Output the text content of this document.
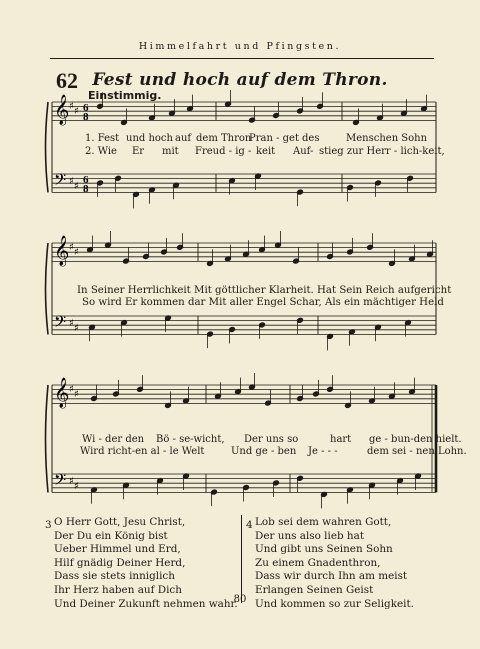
Himmelfahrt und Pfingsten.
62 Fest und hoch auf dem Thron.
Einstimmig.
𝄞 ♯ ♯
𝄢 ♯ ♯
𝄞 ♯ ♯
𝄢 ♯ ♯
𝄞 ♯ ♯
𝄢 ♯ ♯
6
8
6
8
1. Fest und hoch auf dem Thron
Pran - get des	Menschen Sohn
2. Wie Er mit Freud - ig - keit Auf- stieg zur Herr - lich-keit,
In Seiner Herrlichkeit Mit göttlicher Klarheit. Hat Sein Reich aufgericht
So wird Er kommen dar Mit aller Engel Schar, Als ein mächtiger Held
Wi - der den Bö - se-wicht, Der uns so	hart ge - bun-den hielt.
Wird richt-en al - le Welt	Und ge - ben Je - - -	dem sei - nen Lohn.
3 O Herr Gott, Jesu Christ,
Der Du ein König bist
Ueber Himmel und Erd,
Hilf gnädig Deiner Herd,
Dass sie stets inniglich
Ihr Herz haben auf Dich
Und Deiner Zukunft nehmen wahr.
4 Lob sei dem wahren Gott,
Der uns also lieb hat
Und gibt uns Seinen Sohn
Zu einem Gnadenthron,
Dass wir durch Ihn am meist
Erlangen Seinen Geist
Und kommen so zur Seligkeit.
80
